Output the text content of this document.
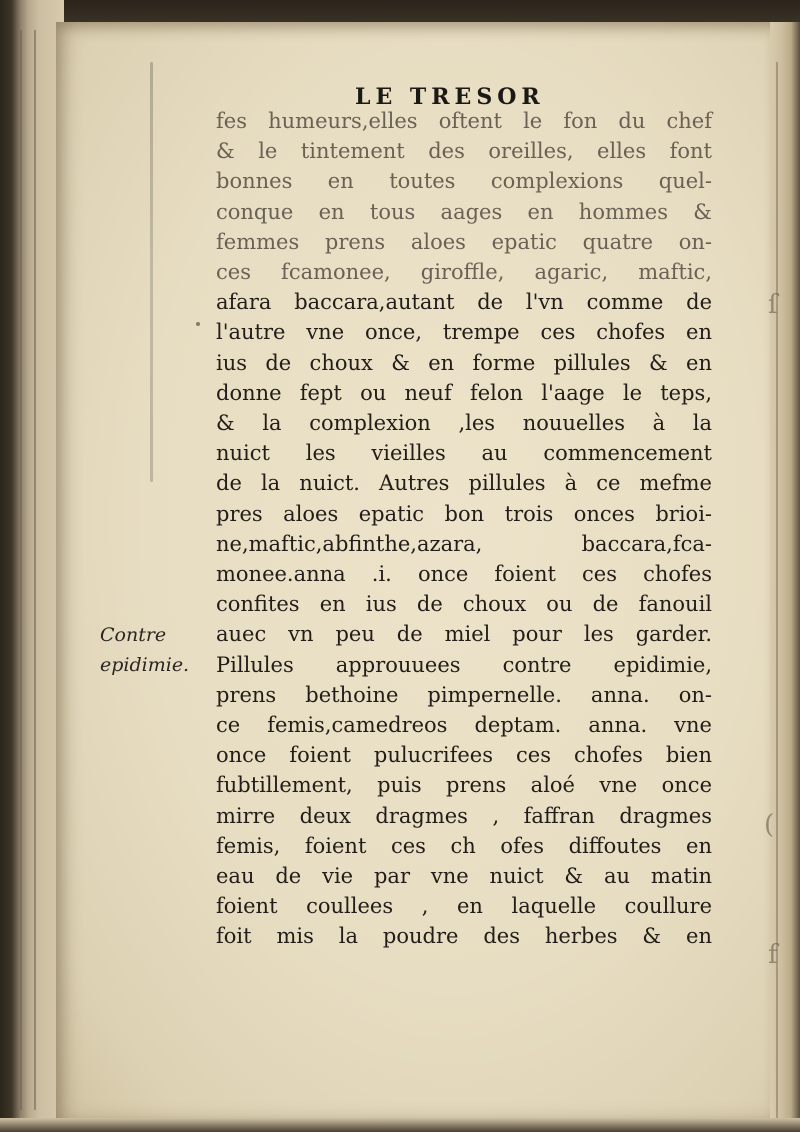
ſ
(
f
LE TRESOR
Contre
epidimie.
fes humeurs,elles oftent le fon du chef
& le tintement des oreilles, elles font
bonnes en toutes complexions quel-
conque en tous aages en hommes &
femmes prens aloes epatic quatre on-
ces fcamonee, giroffle, agaric, maftic,
afara baccara,autant de l'vn comme de
l'autre vne once, trempe ces chofes en
ius de choux & en forme pillules & en
donne fept ou neuf felon l'aage le teps,
& la complexion ,les nouuelles à la
nuict les vieilles au commencement
de la nuict. Autres pillules à ce mefme
pres aloes epatic bon trois onces brioi-
ne,maftic,abfinthe,azara, baccara,fca-
monee.anna .i. once foient ces chofes
confites en ius de choux ou de fanouil
auec vn peu de miel pour les garder.
Pillules approuuees contre epidimie,
prens bethoine pimpernelle. anna. on-
ce femis,camedreos deptam. anna. vne
once foient pulucrifees ces chofes bien
fubtillement, puis prens aloé vne once
mirre deux dragmes , faffran dragmes
femis, foient ces ch ofes diffoutes en
eau de vie par vne nuict & au matin
foient coullees , en laquelle coullure
foit mis la poudre des herbes & en
